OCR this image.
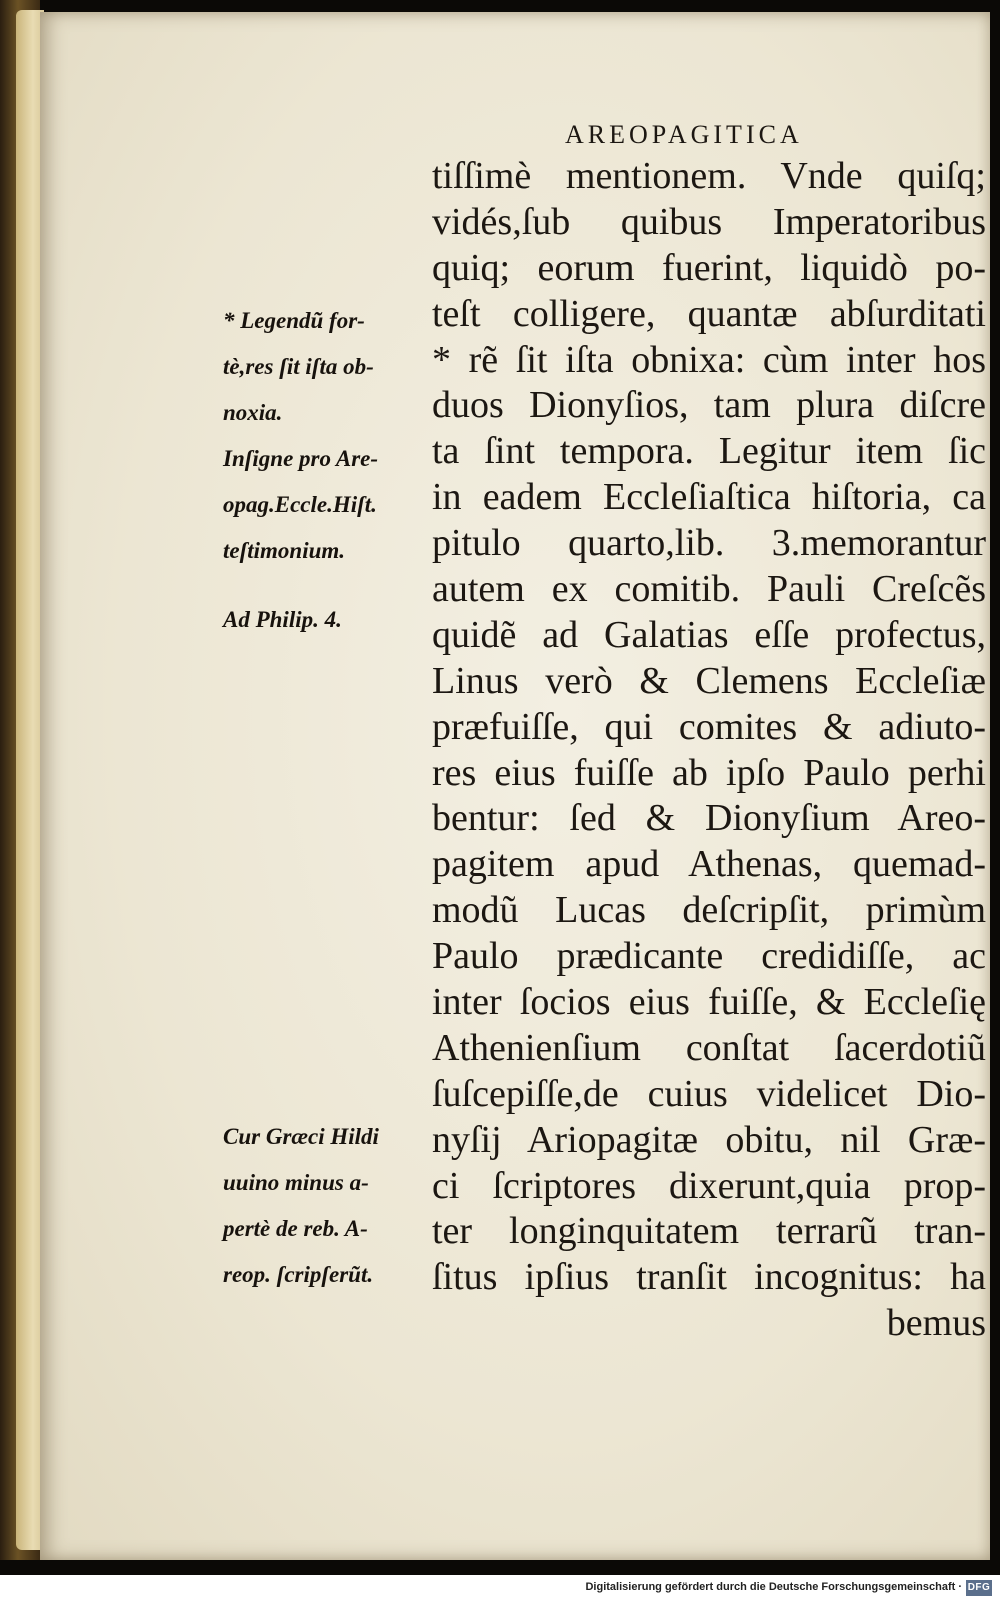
AREOPAGITICA
* Legendũ for-
tè,res ſit iſta ob-
noxia.
Inſigne pro Are-
opag.Eccle.Hiſt.
teſtimonium.
Ad Philip. 4.
Cur Græci Hildi
uuino minus a-
pertè de reb. A-
reop. ſcripſerũt.
tiſſimè mentionem. Vnde quiſq;
vidés,ſub quibus Imperatoribus
quiq; eorum fuerint, liquidò po-
teſt colligere, quantæ abſurditati
* rẽ ſit iſta obnixa: cùm inter hos
duos Dionyſios, tam plura diſcre
ta ſint tempora. Legitur item ſic
in eadem Eccleſiaſtica hiſtoria, ca
pitulo quarto,lib. 3.memorantur
autem ex comitib. Pauli Creſcẽs
quidẽ ad Galatias eſſe profectus,
Linus verò & Clemens Eccleſiæ
præfuiſſe, qui comites & adiuto-
res eius fuiſſe ab ipſo Paulo perhi
bentur: ſed & Dionyſium Areo-
pagitem apud Athenas, quemad-
modũ Lucas deſcripſit, primùm
Paulo prædicante credidiſſe, ac
inter ſocios eius fuiſſe, & Eccleſię
Athenienſium conſtat ſacerdotiũ
ſuſcepiſſe,de cuius videlicet Dio-
nyſij Ariopagitæ obitu, nil Græ-
ci ſcriptores dixerunt,quia prop-
ter longinquitatem terrarũ tran-
ſitus ipſius tranſit incognitus: ha
bemus
Digitalisierung gefördert durch die Deutsche Forschungsgemeinschaft · DFG
